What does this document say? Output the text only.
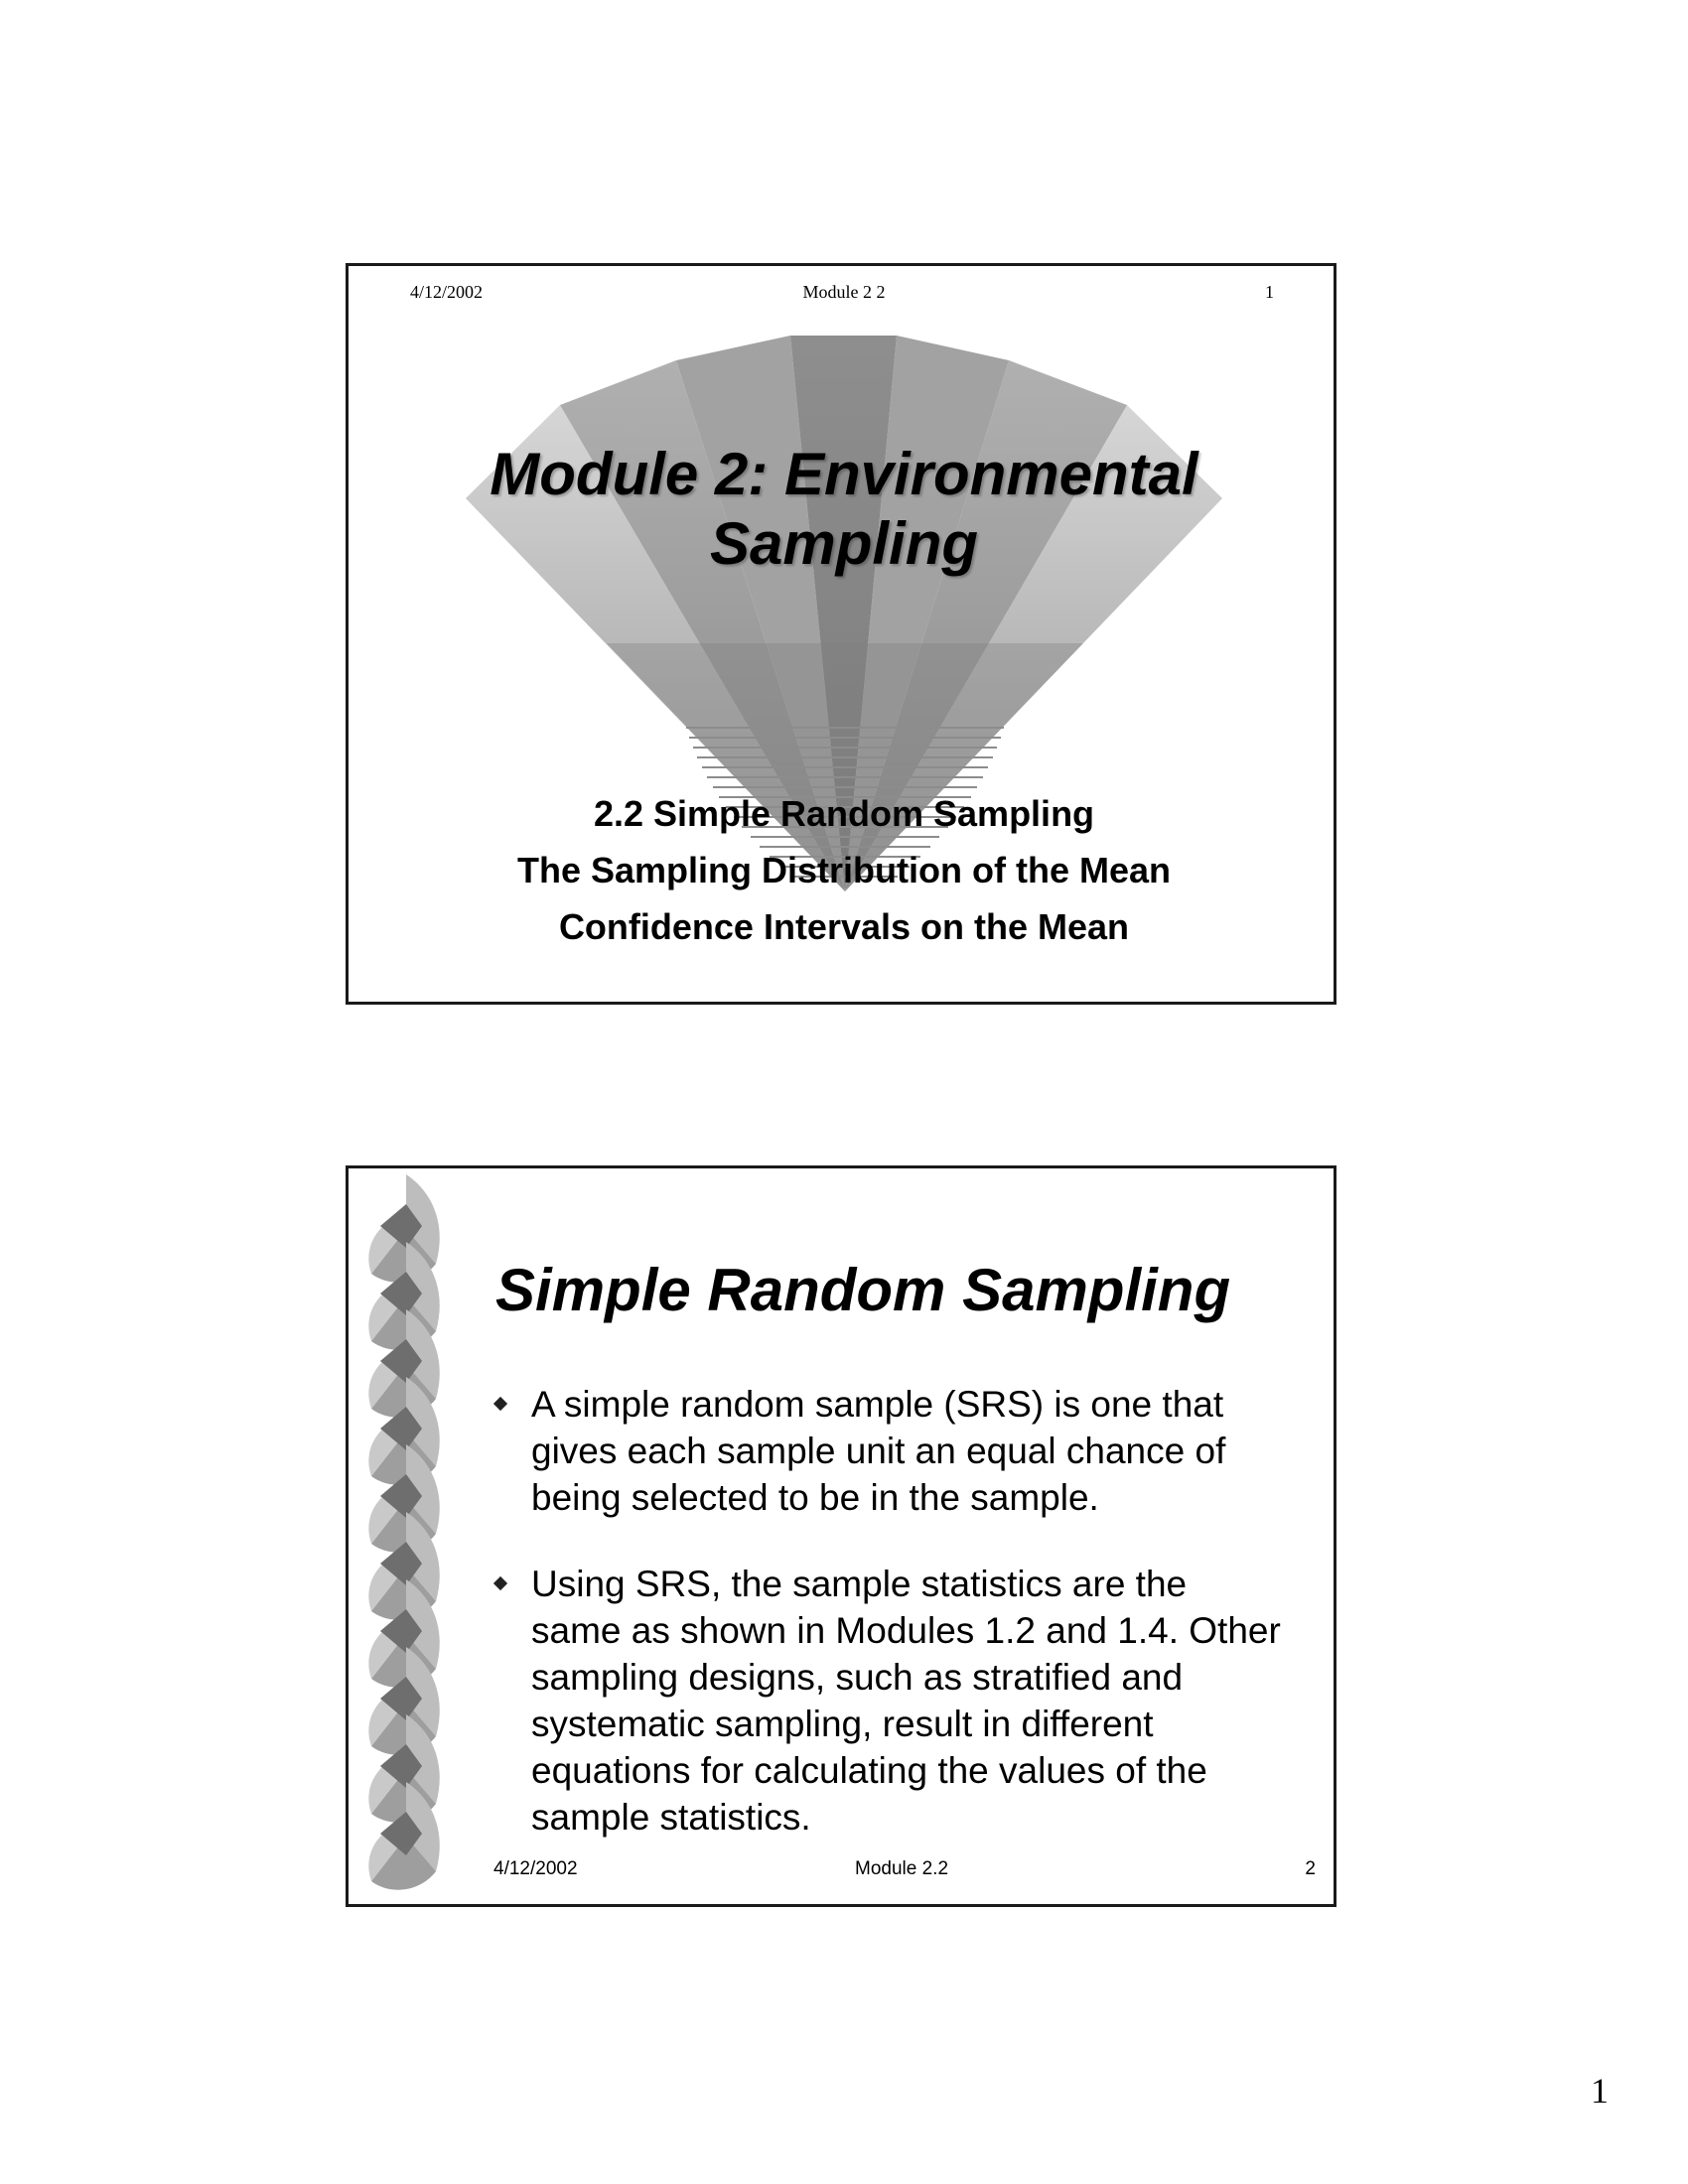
4/12/2002	Module 2 2	1
Module 2: Environmental
Sampling
2.2 Simple Random Sampling
The Sampling Distribution of the Mean
Confidence Intervals on the Mean
Simple Random Sampling
A simple random sample (SRS) is one that gives each sample unit an equal chance of being selected to be in the sample.
Using SRS, the sample statistics are the same as shown in Modules 1.2 and 1.4. Other sampling designs, such as stratified and systematic sampling, result in different equations for calculating the values of the sample statistics.
4/12/2002	Module 2.2	2
1
